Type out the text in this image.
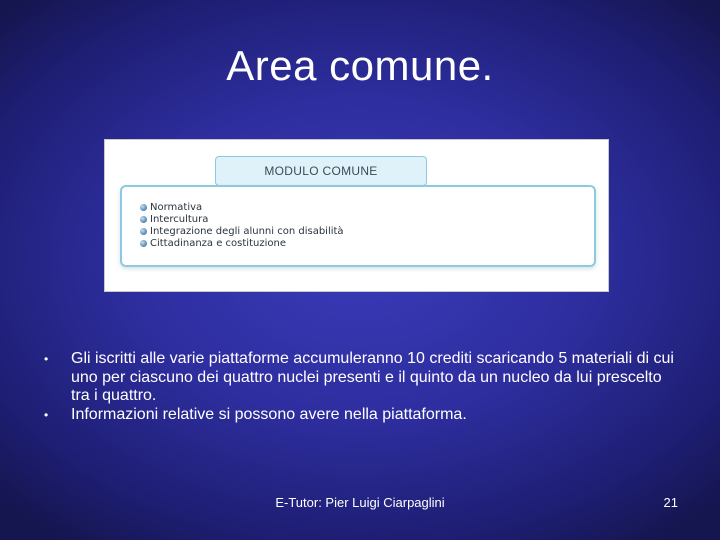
Area comune.
MODULO COMUNE
Normativa
Intercultura
Integrazione degli alunni con disabilità
Cittadinanza e costituzione
• Gli iscritti alle varie piattaforme accumuleranno 10 crediti scaricando 5 materiali di cui uno per ciascuno dei quattro nuclei presenti e il quinto da un nucleo da lui prescelto tra i quattro.
• Informazioni relative si possono avere nella piattaforma.
E-Tutor: Pier Luigi Ciarpaglini	21
